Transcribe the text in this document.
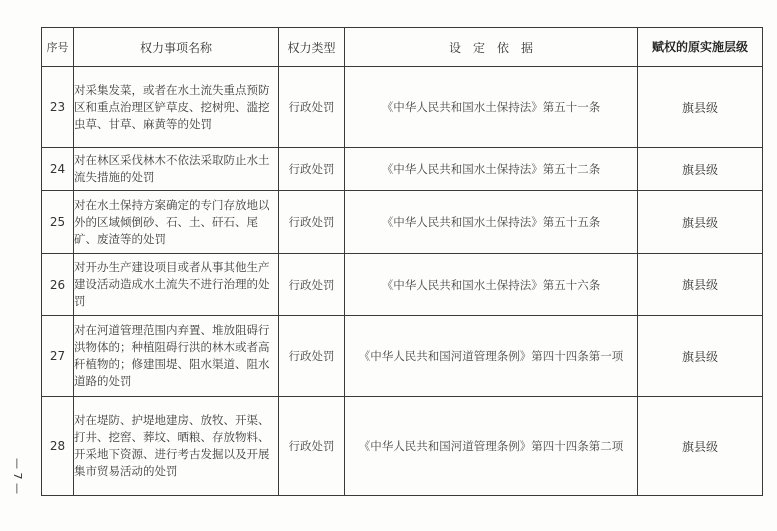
序号	权力事项名称	权力类型	设　定　依　据	赋权的原实施层级
23	对采集发菜，或者在水土流失重点预防区和重点治理区铲草皮、挖树兜、滥挖虫草、甘草、麻黄等的处罚	行政处罚	《中华人民共和国水土保持法》第五十一条	旗县级
24	对在林区采伐林木不依法采取防止水土流失措施的处罚	行政处罚	《中华人民共和国水土保持法》第五十二条	旗县级
25	对在水土保持方案确定的专门存放地以外的区域倾倒砂、石、土、矸石、尾矿、废渣等的处罚	行政处罚	《中华人民共和国水土保持法》第五十五条	旗县级
26	对开办生产建设项目或者从事其他生产建设活动造成水土流失不进行治理的处罚	行政处罚	《中华人民共和国水土保持法》第五十六条	旗县级
27	对在河道管理范围内弃置、堆放阻碍行洪物体的；种植阻碍行洪的林木或者高秆植物的；修建围堤、阻水渠道、阻水道路的处罚	行政处罚	《中华人民共和国河道管理条例》第四十四条第一项	旗县级
28	对在堤防、护堤地建房、放牧、开渠、打井、挖窖、葬坟、晒粮、存放物料、开采地下资源、进行考古发掘以及开展集市贸易活动的处罚	行政处罚	《中华人民共和国河道管理条例》第四十四条第二项	旗县级
— 7 —
